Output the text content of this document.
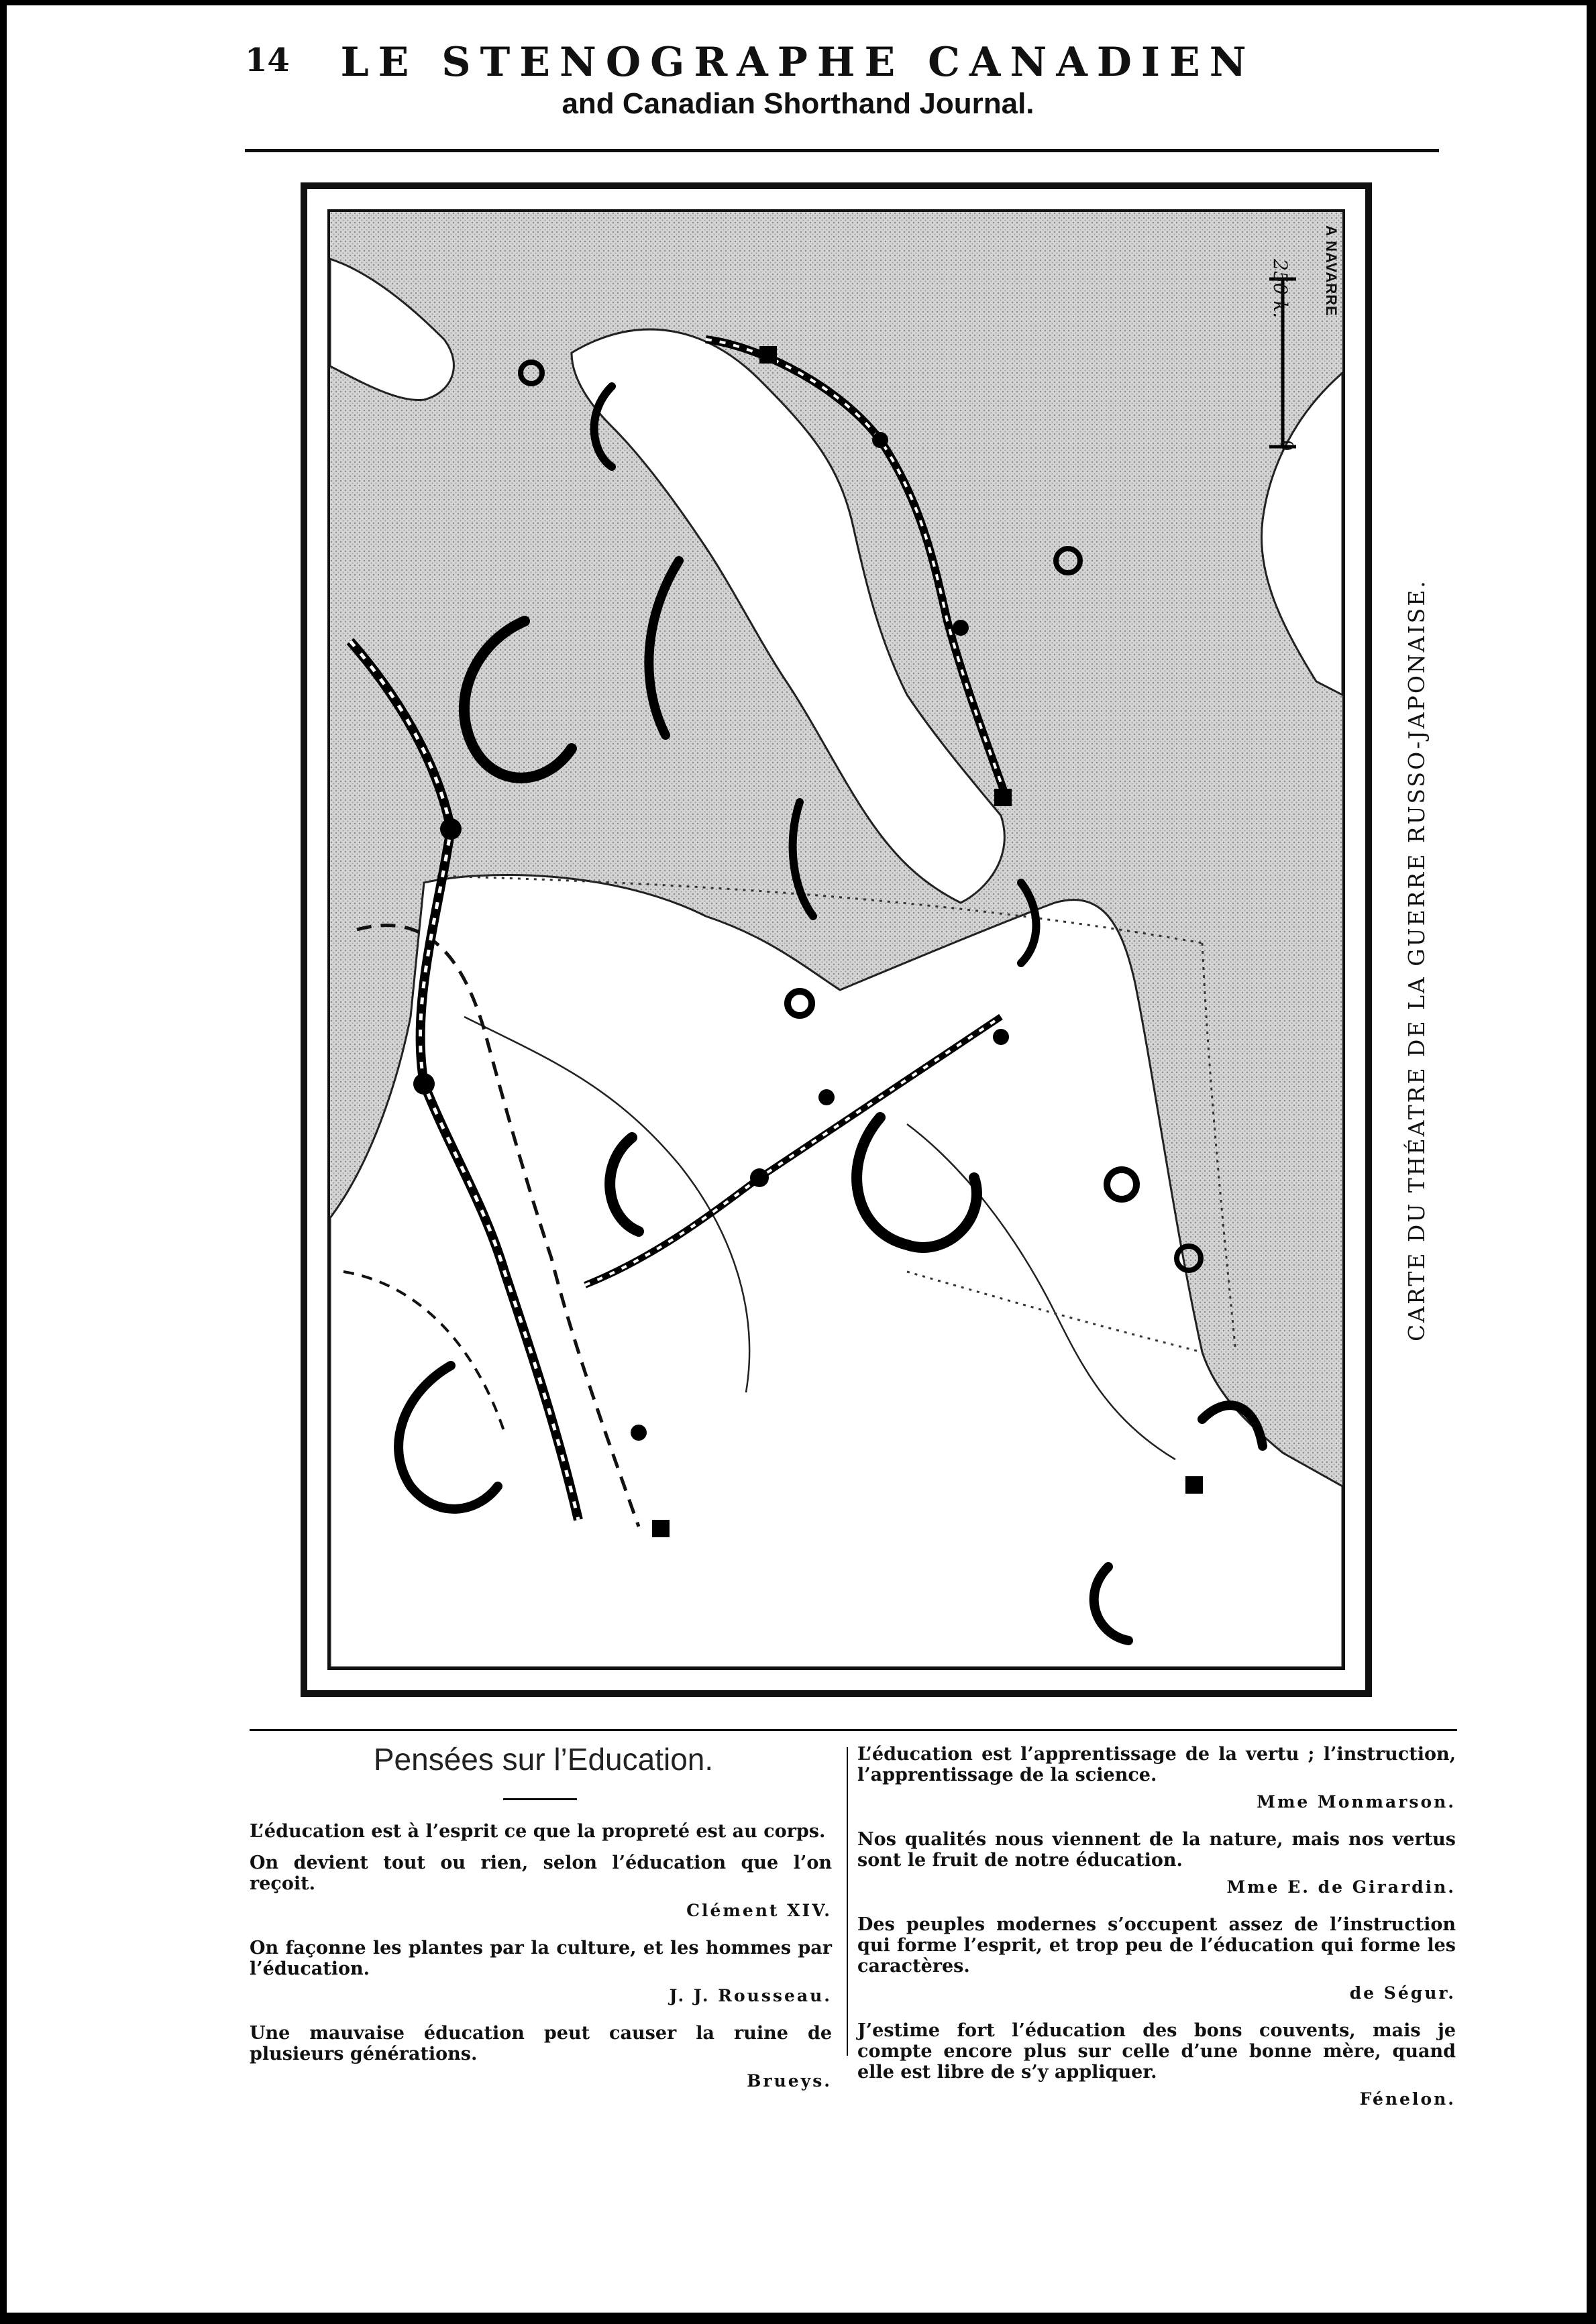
14	LE STENOGRAPHE CANADIEN
and Canadian Shorthand Journal.
250 k.
0
A NAVARRE
CARTE DU THÉATRE DE LA GUERRE RUSSO-JAPONAISE.
Pensées sur l’Education.

L’éducation est à l’esprit ce que la propreté est au corps.

On devient tout ou rien, selon l’éducation que l’on reçoit.

Clément XIV.

On façonne les plantes par la culture, et les hommes par l’éducation.

J. J. Rousseau.

Une mauvaise éducation peut causer la ruine de plusieurs générations.

Brueys.

L’éducation est l’apprentissage de la vertu ; l’instruction, l’apprentissage de la science.

Mme Monmarson.

Nos qualités nous viennent de la nature, mais nos vertus sont le fruit de notre éducation.

Mme E. de Girardin.

Des peuples modernes s’occupent assez de l’instruction qui forme l’esprit, et trop peu de l’éducation qui forme les caractères.

de Ségur.

J’estime fort l’éducation des bons couvents, mais je compte encore plus sur celle d’une bonne mère, quand elle est libre de s’y appliquer.

Fénelon.
